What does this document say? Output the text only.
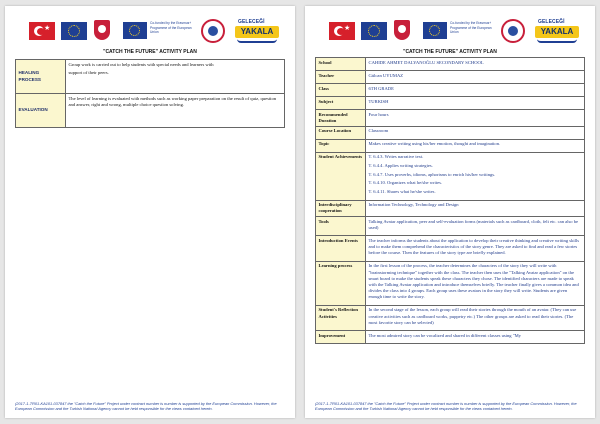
★
Co-funded by the Erasmus+ Programme of the European Union
GELECEĞİ
YAKALA
"CATCH THE FUTURE" ACTIVITY PLAN
HEALING PROCESS	Group work is carried out to help students with special needs and learners with
support of their peers.

EVALUATION	The level of learning is evaluated with methods such as working paper preparation on the result of quiz, question and answer, right and wrong, multiple choice question solving.
(2017-1-TR01-KA101-037847 the "Catch the Future" Project under contract number is number is supported by the European Commission. However, the European Commission and the Turkish National Agency cannot be held responsible for the views contained herein.
★
Co-funded by the Erasmus+ Programme of the European Union
GELECEĞİ
YAKALA
"CATCH THE FUTURE" ACTIVITY PLAN
School	CAHIDE AHMET DALYANOĞLU SECONDARY SCHOOL

Teacher	Gülcan UYUMAZ

Class	6TH GRADE

Subject	TURKISH

Recommended Duration	Four hours

Course Location	Classroom

Topic	Makes creative writing using his/her emotion, thought and imagination.

Student Achievements	T. 6.4.3. Writes narrative text.
T. 6.4.4. Applies writing strategies.
T. 6.4.7. Uses proverbs, idioms, aphorisms to enrich his/her writings.
T. 6.4.10. Organizes what he/she writes.
T. 6.4.11. Shares what he/she writes.

Interdisciplinary cooperation	Information Technology, Technology and Design

Tools	Talking Avatar application, peer and self-evaluation forms (materials such as cardboard, cloth, felt etc. can also be used)

Introduction Events	The teacher informs the students about the application to develop their creative thinking and creative writing skills and to make them comprehend the characteristics of the story genre. They are asked to find and read a few stories before the course. Then the features of the story type are briefly explained.

Learning process	In the first lesson of the process, the teacher determines the characters of the story they will write with "brainstorming technique" together with the class. The teacher then uses the "Talking Avatar application" on the smart board to make the students speak these characters they chose. The identified characters are made to speak with the Talking Avatar application and introduce themselves briefly. The teacher finally gives a common idea and divides the class into 4 groups. Each group uses these avatars in the story they will write. Students are given enough time to write the story.

Student's Reflection Activities	In the second stage of the lesson, each group will read their stories through the mouth of an avatar. (They can use creative activities such as cardboard works, puppetry etc.) The other groups are asked to read their stories. (The most favorite story can be selected)

Improvement	The most admired story can be vocalized and shared in different classes using "My
(2017-1-TR01-KA101-037847 the "Catch the Future" Project under contract number is number is supported by the European Commission. However, the European Commission and the Turkish National Agency cannot be held responsible for the views contained herein.
